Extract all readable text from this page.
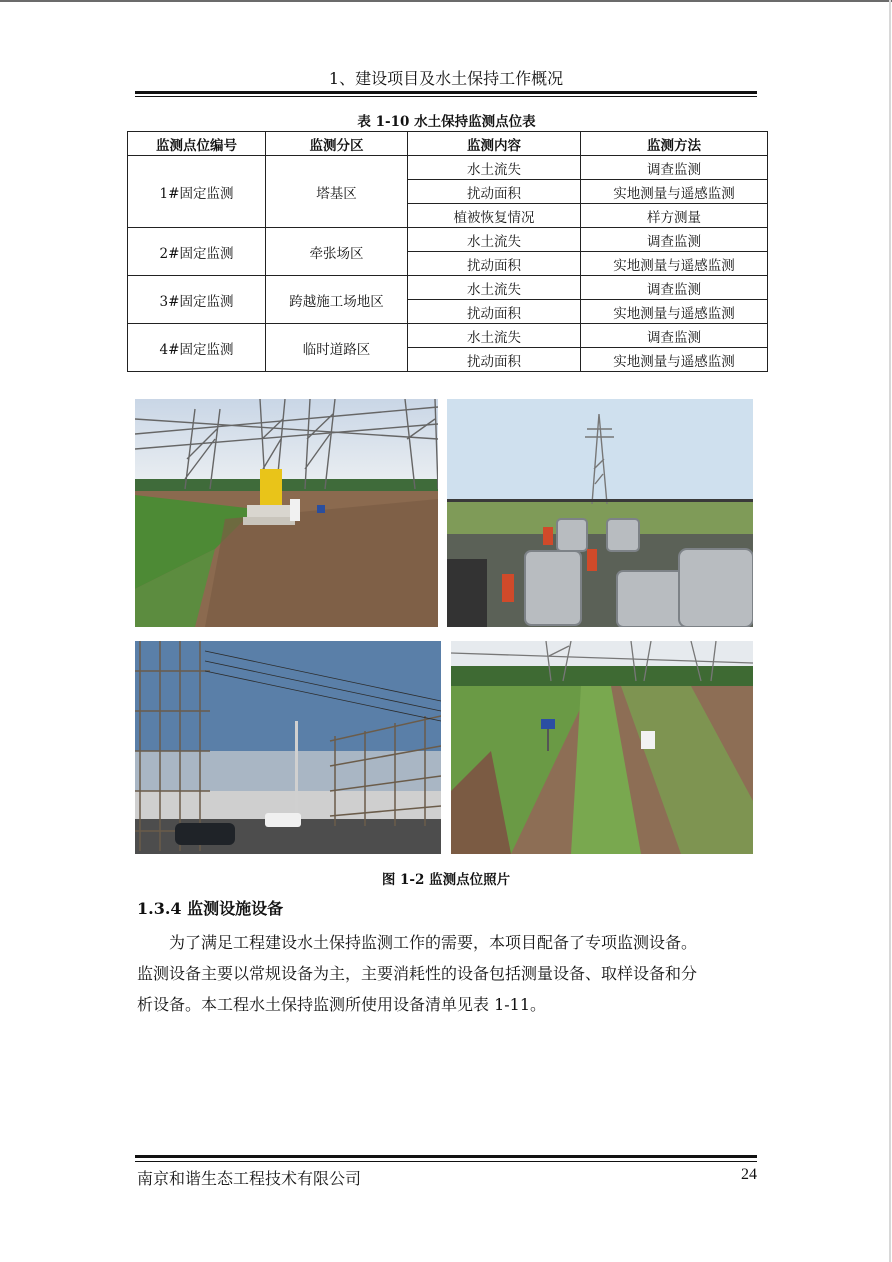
1、建设项目及水土保持工作概况
表 1-10 水土保持监测点位表
监测点位编号	监测分区	监测内容	监测方法
1#固定监测	塔基区	水土流失	调查监测
		扰动面积	实地测量与遥感监测
		植被恢复情况	样方测量
2#固定监测	牵张场区	水土流失	调查监测
		扰动面积	实地测量与遥感监测
3#固定监测	跨越施工场地区	水土流失	调查监测
		扰动面积	实地测量与遥感监测
4#固定监测	临时道路区	水土流失	调查监测
		扰动面积	实地测量与遥感监测
图 1-2 监测点位照片
1.3.4 监测设施设备
　　为了满足工程建设水土保持监测工作的需要，本项目配备了专项监测设备。
监测设备主要以常规设备为主，主要消耗性的设备包括测量设备、取样设备和分
析设备。本工程水土保持监测所使用设备清单见表 1-11。
南京和谐生态工程技术有限公司	24
